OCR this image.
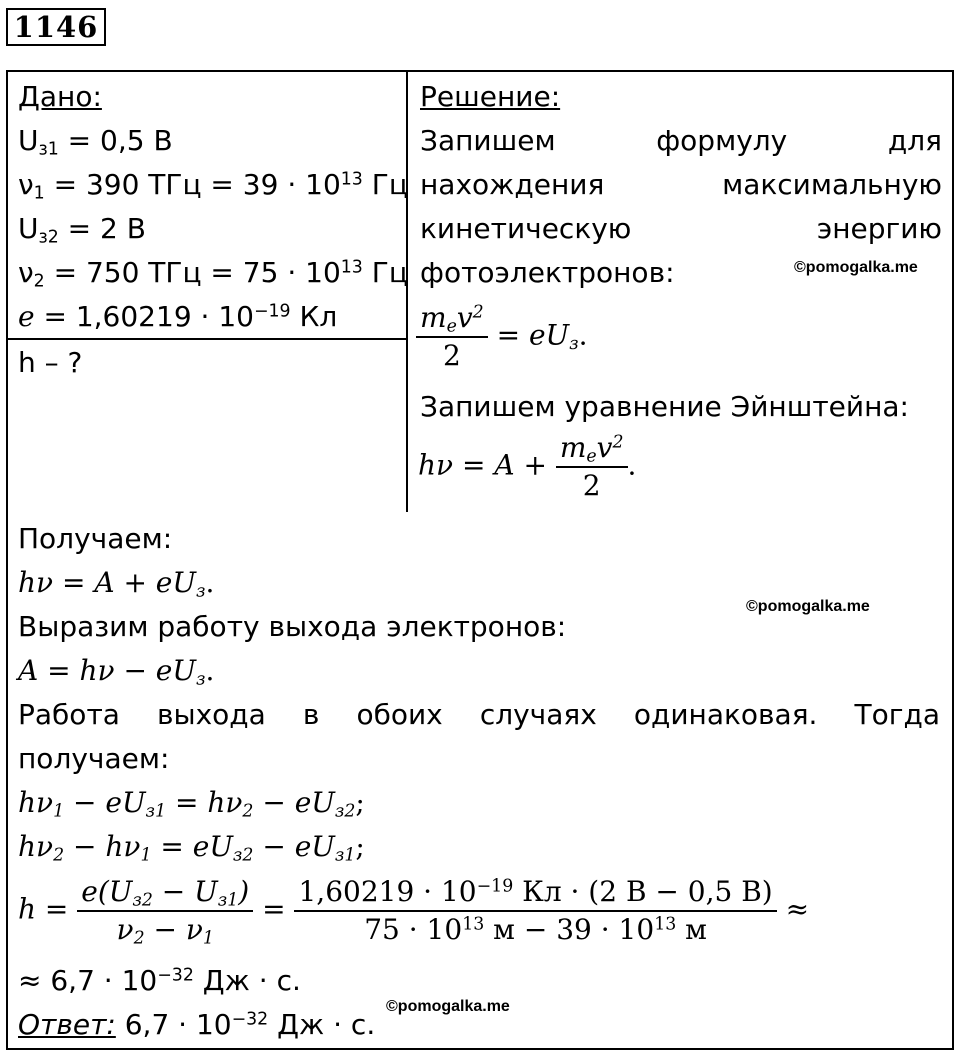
1146
Дано:
$U_{з1} = 0,5$ В
$\nu_1 = 390$ ТГц = $39 \cdot 10^{13}$ Гц
$U_{з2} = 2$ В
$\nu_2 = 750$ ТГц = $75 \cdot 10^{13}$ Гц
$e = 1,60219 \cdot 10^{-19}$ Кл
h – ?
Решение:
Запишем	формулу	для
нахождения	максимальную
кинетическую	энергию
фотоэлектронов:
$\frac{m_ev^2}{2} = eU_з$.
Запишем уравнение Эйнштейна:
$h\nu = A + \frac{m_ev^2}{2}$ .
©pomogalka.me
Получаем:
$h\nu = A + eU_з$.
©pomogalka.me
Выразим работу выхода электронов:
$A = h\nu - eU_з$.
Работа выхода в обоих случаях одинаковая. Тогда
получаем:
$h\nu_1 - eU_{з1} = h\nu_2 - eU_{з2}$;
$h\nu_2 - h\nu_1 = eU_{з2} - eU_{з1}$;
$h = \frac{e(U_{з2} - U_{з1})}{\nu_2 - \nu_1} = \frac{1,60219 \cdot 10^{-19} Кл \cdot (2 В - 0,5 В)}{75 \cdot 10^{13} м - 39 \cdot 10^{13} м}$ ≈
≈ $6,7 \cdot 10^{-32}$ Дж · с.
©pomogalka.me
Ответ: $6,7 \cdot 10^{-32}$ Дж · с.
